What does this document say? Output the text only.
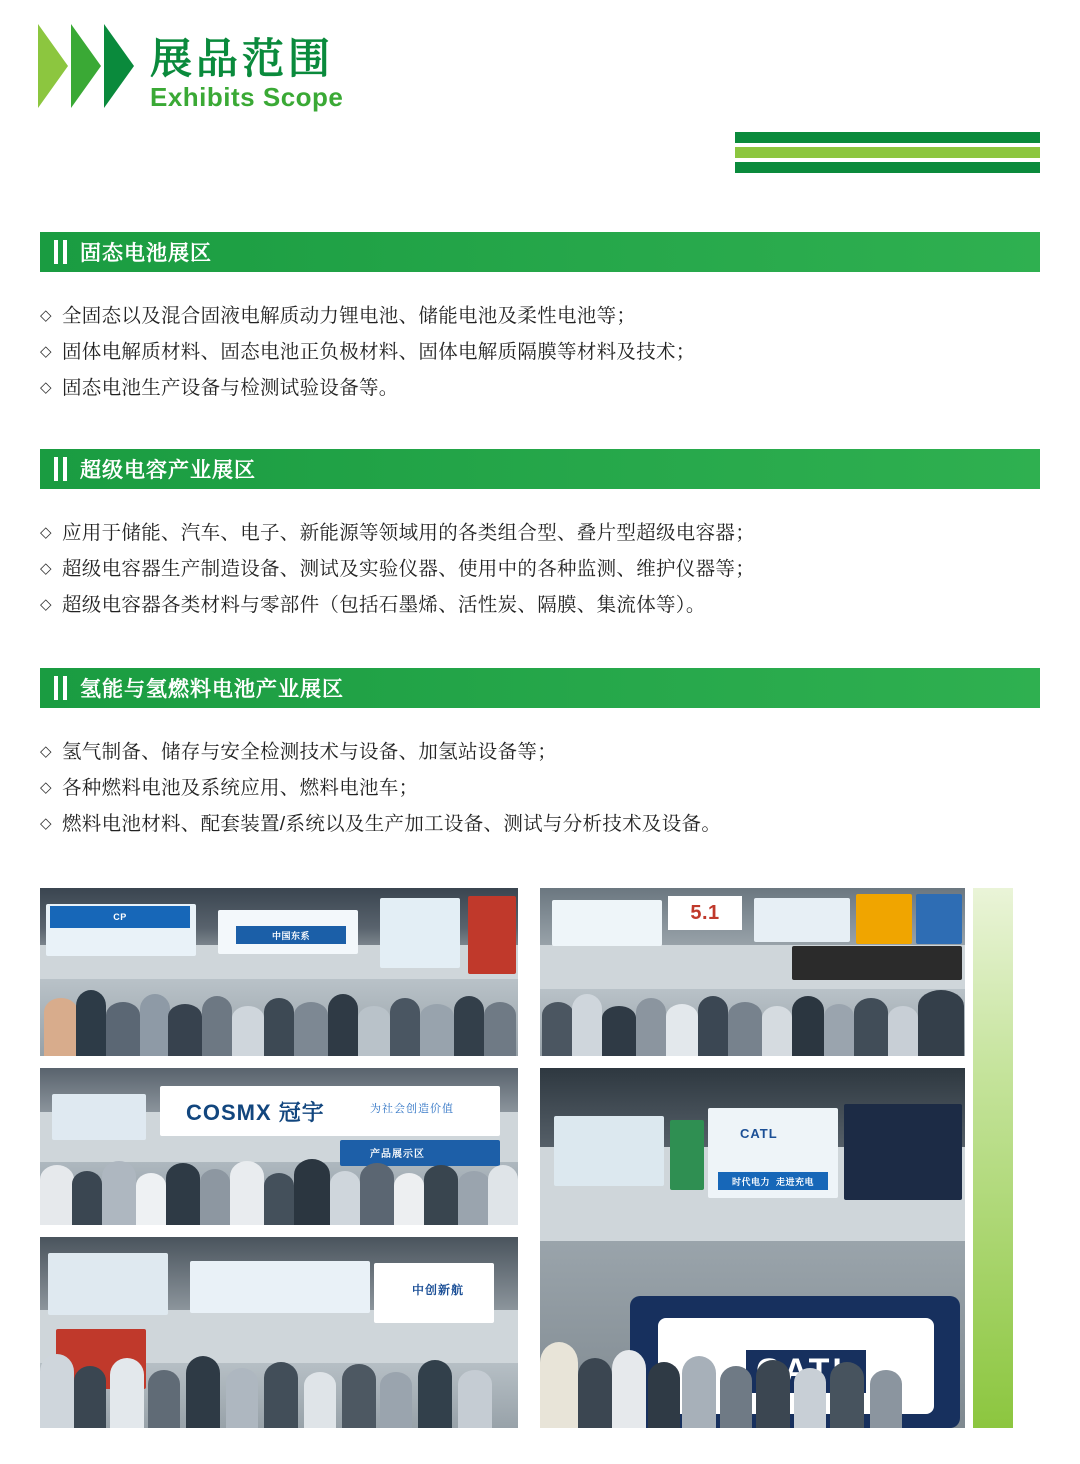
展品范围
Exhibits Scope
固态电池展区
◇ 全固态以及混合固液电解质动力锂电池、储能电池及柔性电池等；
◇ 固体电解质材料、固态电池正负极材料、固体电解质隔膜等材料及技术；
◇ 固态电池生产设备与检测试验设备等。
超级电容产业展区
◇ 应用于储能、汽车、电子、新能源等领域用的各类组合型、叠片型超级电容器；
◇ 超级电容器生产制造设备、测试及实验仪器、使用中的各种监测、维护仪器等；
◇ 超级电容器各类材料与零部件（包括石墨烯、活性炭、隔膜、集流体等）。
氢能与氢燃料电池产业展区
◇ 氢气制备、储存与安全检测技术与设备、加氢站设备等；
◇ 各种燃料电池及系统应用、燃料电池车；
◇ 燃料电池材料、配套装置/系统以及生产加工设备、测试与分析技术及设备。
CP
中国东系
5.1
COSMX 冠宇	为社会创造价值
产品展示区
CATL
时代电力  走进充电
中创新航
